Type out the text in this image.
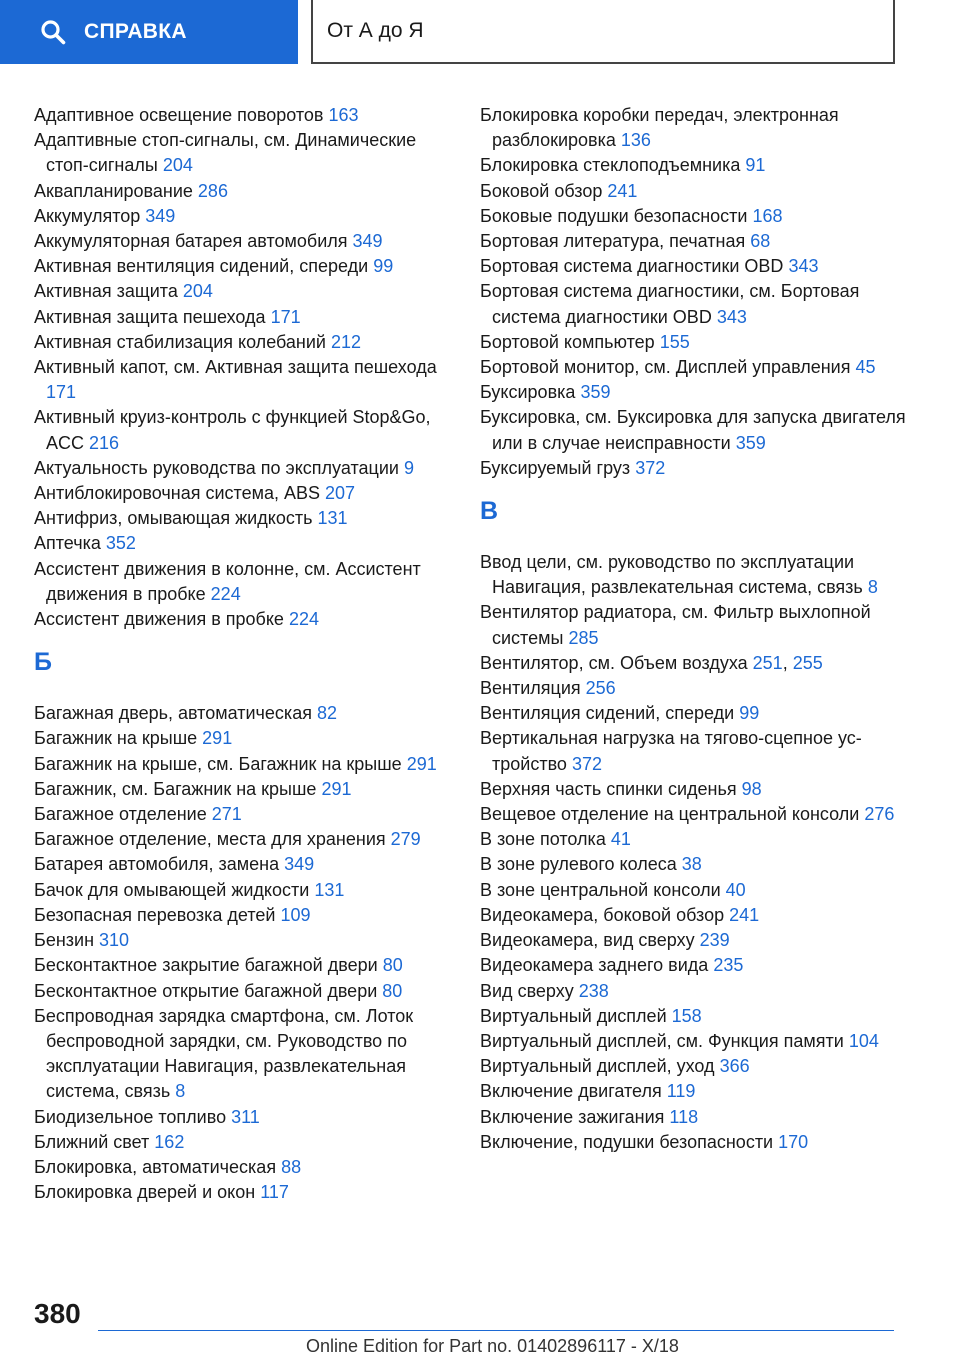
СПРАВКА	От А до Я
Адаптивное освещение поворотов 163
Адаптивные стоп-сигналы, см. Динамические стоп-сигналы 204
Аквапланирование 286
Аккумулятор 349
Аккумуляторная батарея автомобиля 349
Активная вентиляция сидений, спереди 99
Активная защита 204
Активная защита пешехода 171
Активная стабилизация колебаний 212
Активный капот, см. Активная защита пешехода 171
Активный круиз-контроль с функцией Stop&Go, ACC 216
Актуальность руководства по эксплуатации 9
Антиблокировочная система, ABS 207
Антифриз, омывающая жидкость 131
Аптечка 352
Ассистент движения в колонне, см. Ассистент движения в пробке 224
Ассистент движения в пробке 224
Б
Багажная дверь, автоматическая 82
Багажник на крыше 291
Багажник на крыше, см. Багажник на крыше 291
Багажник, см. Багажник на крыше 291
Багажное отделение 271
Багажное отделение, места для хранения 279
Батарея автомобиля, замена 349
Бачок для омывающей жидкости 131
Безопасная перевозка детей 109
Бензин 310
Бесконтактное закрытие багажной двери 80
Бесконтактное открытие багажной двери 80
Беспроводная зарядка смартфона, см. Лоток беспроводной зарядки, см. Руководство по эксплуатации Навигация, развлекательная система, связь 8
Биодизельное топливо 311
Ближний свет 162
Блокировка, автоматическая 88
Блокировка дверей и окон 117
Блокировка коробки передач, электронная разблокировка 136
Блокировка стеклоподъемника 91
Боковой обзор 241
Боковые подушки безопасности 168
Бортовая литература, печатная 68
Бортовая система диагностики OBD 343
Бортовая система диагностики, см. Бортовая система диагностики OBD 343
Бортовой компьютер 155
Бортовой монитор, см. Дисплей управления 45
Буксировка 359
Буксировка, см. Буксировка для запуска двигателя или в случае неисправности 359
Буксируемый груз 372
В
Ввод цели, см. руководство по эксплуатации Навигация, развлекательная система, связь 8
Вентилятор радиатора, см. Фильтр выхлопной системы 285
Вентилятор, см. Объем воздуха 251, 255
Вентиляция 256
Вентиляция сидений, спереди 99
Вертикальная нагрузка на тягово-сцепное устройство 372
Верхняя часть спинки сиденья 98
Вещевое отделение на центральной консоли 276
В зоне потолка 41
В зоне рулевого колеса 38
В зоне центральной консоли 40
Видеокамера, боковой обзор 241
Видеокамера, вид сверху 239
Видеокамера заднего вида 235
Вид сверху 238
Виртуальный дисплей 158
Виртуальный дисплей, см. Функция памяти 104
Виртуальный дисплей, уход 366
Включение двигателя 119
Включение зажигания 118
Включение, подушки безопасности 170
380
Online Edition for Part no. 01402896117 - X/18
